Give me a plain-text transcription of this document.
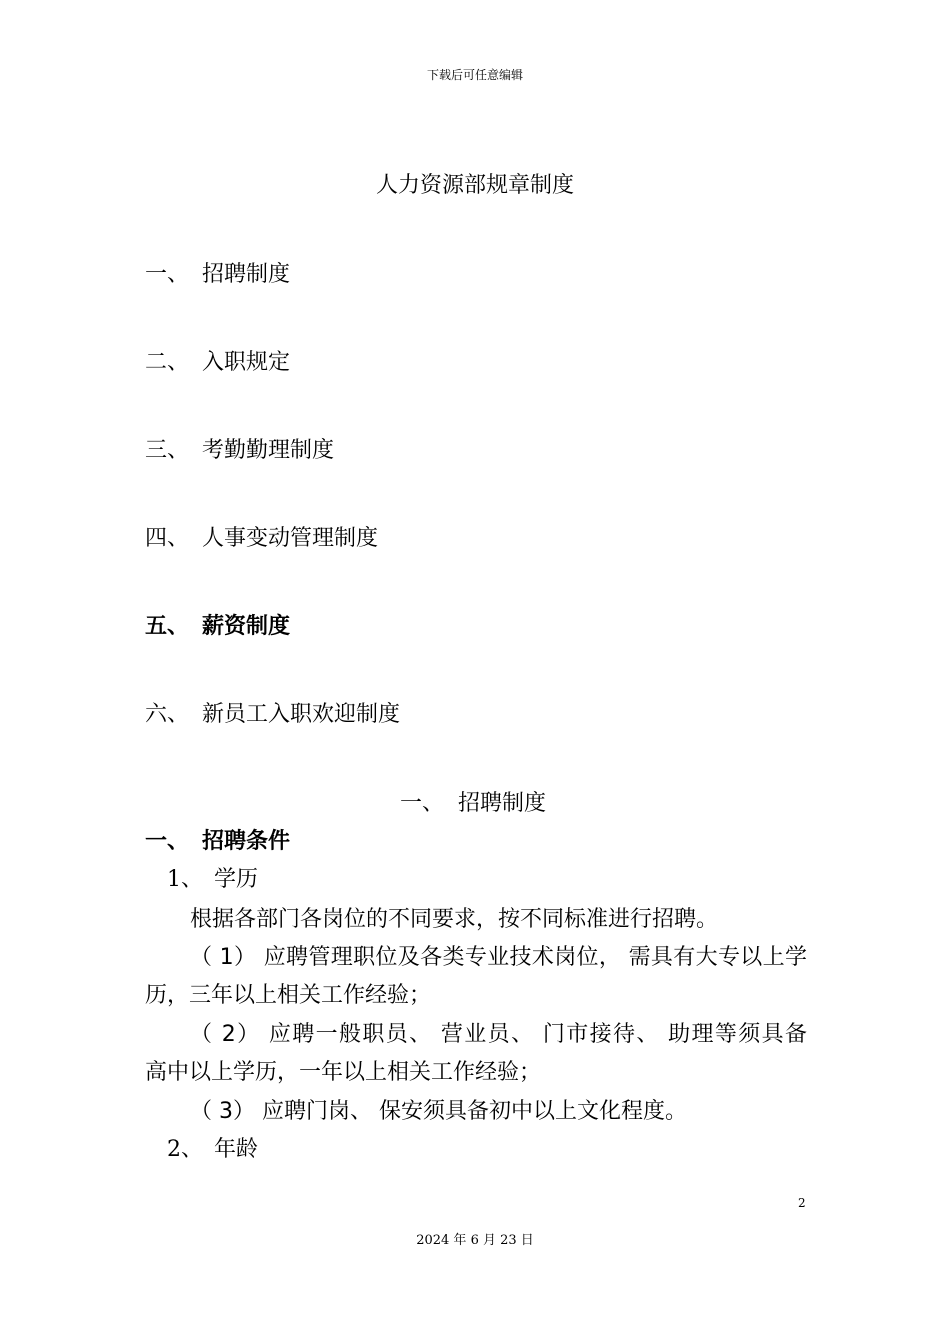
下载后可任意编辑
人力资源部规章制度
一、 招聘制度
二、 入职规定
三、 考勤勤理制度
四、 人事变动管理制度
五、 薪资制度
六、 新员工入职欢迎制度
一、 招聘制度
一、 招聘条件
1、 学历
根据各部门各岗位的不同要求，按不同标准进行招聘。
（ 1） 应聘管理职位及各类专业技术岗位， 需具有大专以上学
历，三年以上相关工作经验；
（ 2） 应聘一般职员、 营业员、 门市接待、 助理等须具备
高中以上学历，一年以上相关工作经验；
（ 3） 应聘门岗、 保安须具备初中以上文化程度。
2、 年龄
2
2024 年 6 月 23 日
